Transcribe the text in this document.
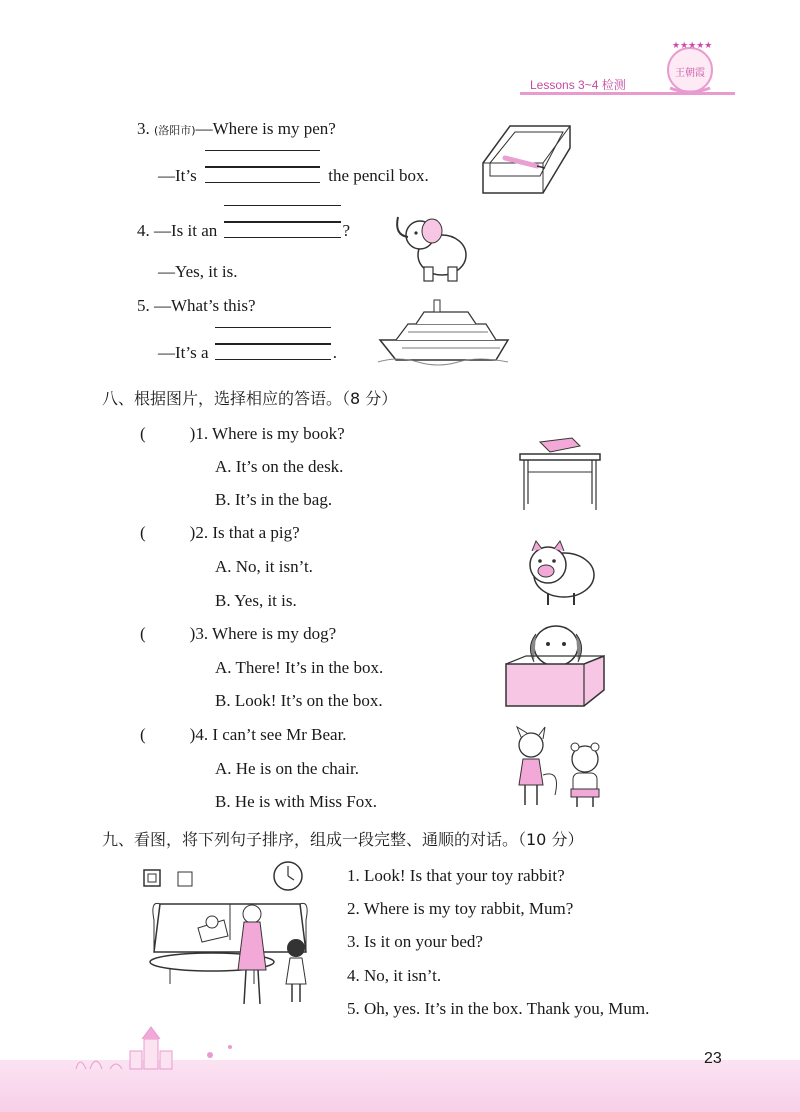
Lessons 3~4 检测
★★★★★
王朝霞
3. (洛阳市)—Where is my pen?
—It’s	the pencil box.
4. —Is it an	?
—Yes, it is.
5. —What’s this?
—It’s a	.
八、根据图片，选择相应的答语。（8 分）
(	)1. Where is my book?
A. It’s on the desk.
B. It’s in the bag.
(	)2. Is that a pig?
A. No, it isn’t.
B. Yes, it is.
(	)3. Where is my dog?
A. There! It’s in the box.
B. Look! It’s on the box.
(	)4. I can’t see Mr Bear.
A. He is on the chair.
B. He is with Miss Fox.
九、看图，将下列句子排序，组成一段完整、通顺的对话。（10 分）
1. Look! Is that your toy rabbit?
2. Where is my toy rabbit, Mum?
3. Is it on your bed?
4. No, it isn’t.
5. Oh, yes. It’s in the box. Thank you, Mum.
23
